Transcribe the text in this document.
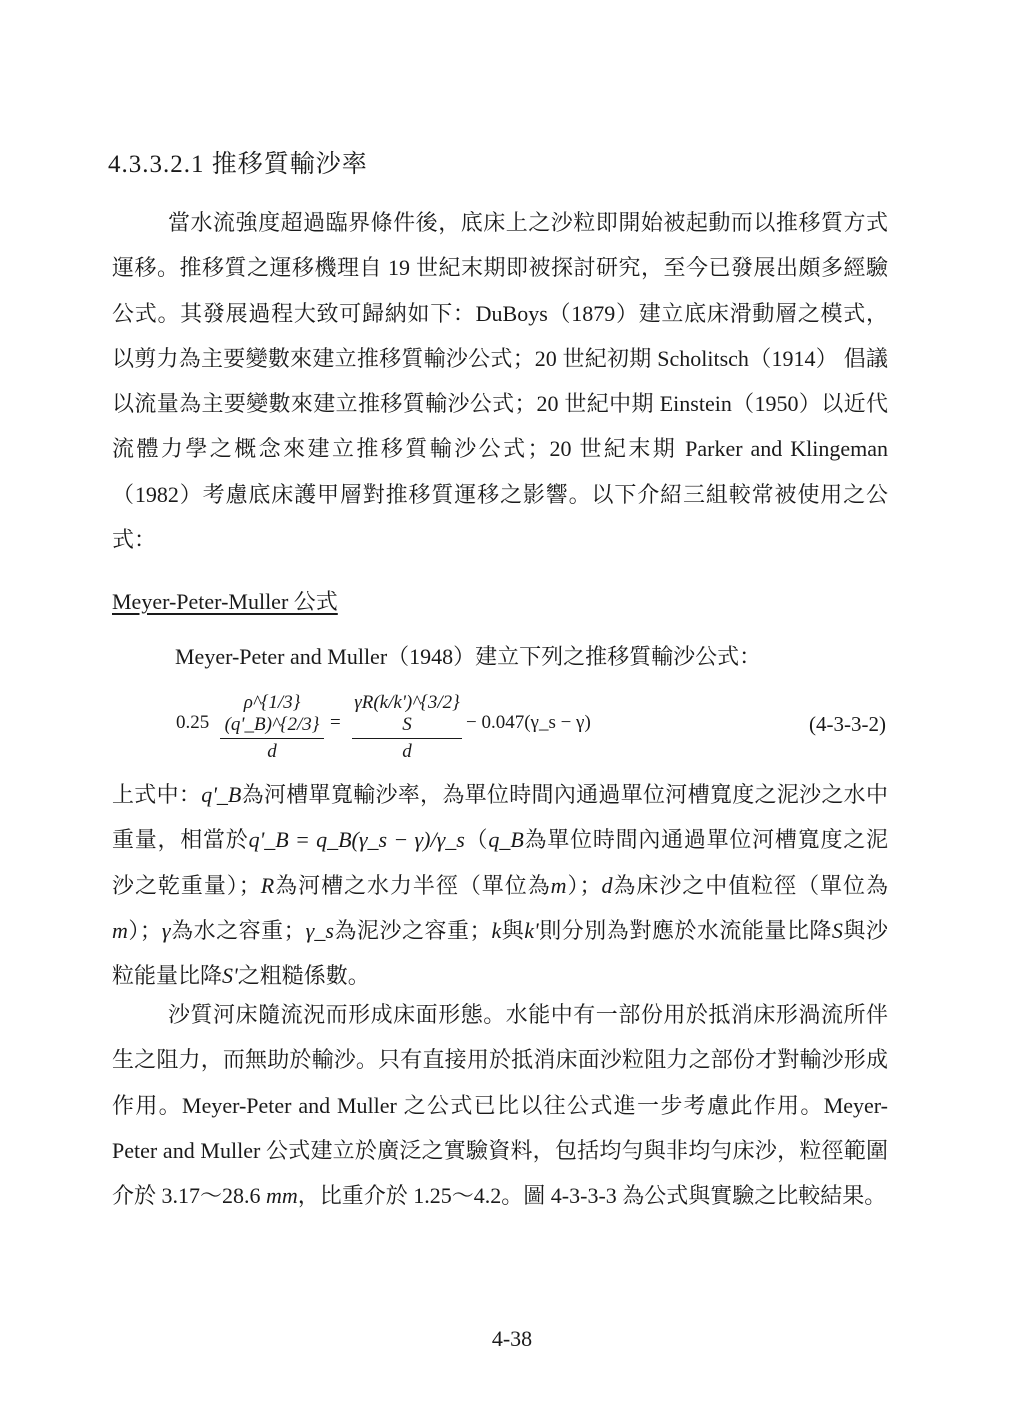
4.3.3.2.1 推移質輸沙率

當水流強度超過臨界條件後，底床上之沙粒即開始被起動而以推移質方式運移。推移質之運移機理自 19 世紀末期即被探討研究，至今已發展出頗多經驗公式。其發展過程大致可歸納如下：DuBoys（1879）建立底床滑動層之模式，以剪力為主要變數來建立推移質輸沙公式；20 世紀初期 Scholitsch（1914） 倡議以流量為主要變數來建立推移質輸沙公式；20 世紀中期 Einstein（1950）以近代流體力學之概念來建立推移質輸沙公式；20 世紀末期 Parker and Klingeman（1982）考慮底床護甲層對推移質運移之影響。以下介紹三組較常被使用之公式：

Meyer-Peter-Muller 公式
Meyer-Peter and Muller（1948）建立下列之推移質輸沙公式：
0.25
ρ^{1/3}(q'_B)^{2/3}
d
=
γR(k/k')^{3/2} S
d
− 0.047(γ_s − γ)	(4-3-3-2)

上式中：q'_B為河槽單寬輸沙率，為單位時間內通過單位河槽寬度之泥沙之水中重量，相當於q'_B = q_B(γ_s − γ)/γ_s（q_B為單位時間內通過單位河槽寬度之泥沙之乾重量）；R為河槽之水力半徑（單位為m）；d為床沙之中值粒徑（單位為m）；γ為水之容重；γ_s為泥沙之容重；k與k'則分別為對應於水流能量比降S與沙粒能量比降S'之粗糙係數。

沙質河床隨流況而形成床面形態。水能中有一部份用於抵消床形渦流所伴生之阻力，而無助於輸沙。只有直接用於抵消床面沙粒阻力之部份才對輸沙形成作用。Meyer-Peter and Muller 之公式已比以往公式進一步考慮此作用。Meyer-Peter and Muller 公式建立於廣泛之實驗資料，包括均勻與非均勻床沙，粒徑範圍介於 3.17～28.6 mm，比重介於 1.25～4.2。圖 4-3-3-3 為公式與實驗之比較結果。

4-38
